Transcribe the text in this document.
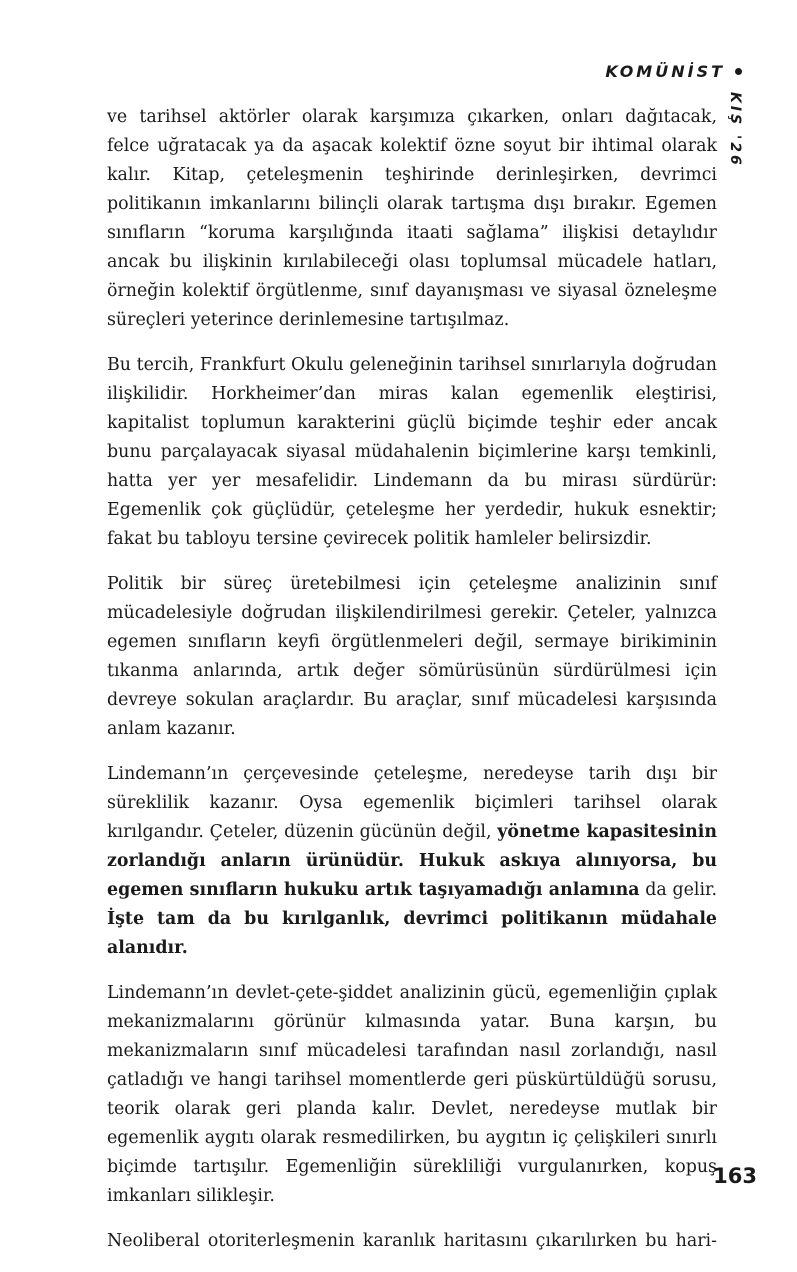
KOMÜNİST
KIŞ '26

ve tarihsel aktörler olarak karşımıza çıkarken, onları dağıtacak, felce uğratacak ya da aşacak kolektif özne soyut bir ihtimal olarak kalır. Kitap, çeteleşmenin teşhirinde derinleşirken, devrimci politikanın imkanlarını bilinçli olarak tartışma dışı bırakır. Egemen sınıfların “koruma karşılığında itaati sağlama” ilişkisi detaylıdır ancak bu ilişkinin kırılabileceği olası toplumsal mücadele hatları, örneğin kolektif örgütlenme, sınıf dayanışması ve siyasal özneleşme süreçleri yeterince derinlemesine tartışılmaz.

Bu tercih, Frankfurt Okulu geleneğinin tarihsel sınırlarıyla doğrudan ilişkilidir. Horkheimer’dan miras kalan egemenlik eleştirisi, kapitalist toplumun karakterini güçlü biçimde teşhir eder ancak bunu parçalayacak siyasal müdahalenin biçimlerine karşı temkinli, hatta yer yer mesafelidir. Lindemann da bu mirası sürdürür: Egemenlik çok güçlüdür, çeteleşme her yerdedir, hukuk esnektir; fakat bu tabloyu tersine çevirecek politik hamleler belirsizdir.

Politik bir süreç üretebilmesi için çeteleşme analizinin sınıf mücadelesiyle doğrudan ilişkilendirilmesi gerekir. Çeteler, yalnızca egemen sınıfların keyfi örgütlenmeleri değil, sermaye birikiminin tıkanma anlarında, artık değer sömürüsünün sürdürülmesi için devreye sokulan araçlardır. Bu araçlar, sınıf mücadelesi karşısında anlam kazanır.

Lindemann’ın çerçevesinde çeteleşme, neredeyse tarih dışı bir süreklilik kazanır. Oysa egemenlik biçimleri tarihsel olarak kırılgandır. Çeteler, düzenin gücünün değil, yönetme kapasitesinin zorlandığı anların ürünüdür. Hukuk askıya alınıyorsa, bu egemen sınıfların hukuku artık taşıyamadığı anlamına da gelir. İşte tam da bu kırılganlık, devrimci politikanın müdahale alanıdır.

Lindemann’ın devlet-çete-şiddet analizinin gücü, egemenliğin çıplak mekanizmalarını görünür kılmasında yatar. Buna karşın, bu mekanizmaların sınıf mücadelesi tarafından nasıl zorlandığı, nasıl çatladığı ve hangi tarihsel momentlerde geri püskürtüldüğü sorusu, teorik olarak geri planda kalır. Devlet, neredeyse mutlak bir egemenlik aygıtı olarak resmedilirken, bu aygıtın iç çelişkileri sınırlı biçimde tartışılır. Egemenliğin sürekliliği vurgulanırken, kopuş imkanları silikleşir.

Neoliberal otoriterleşmenin karanlık haritasını çıkarılırken bu hari-

163
